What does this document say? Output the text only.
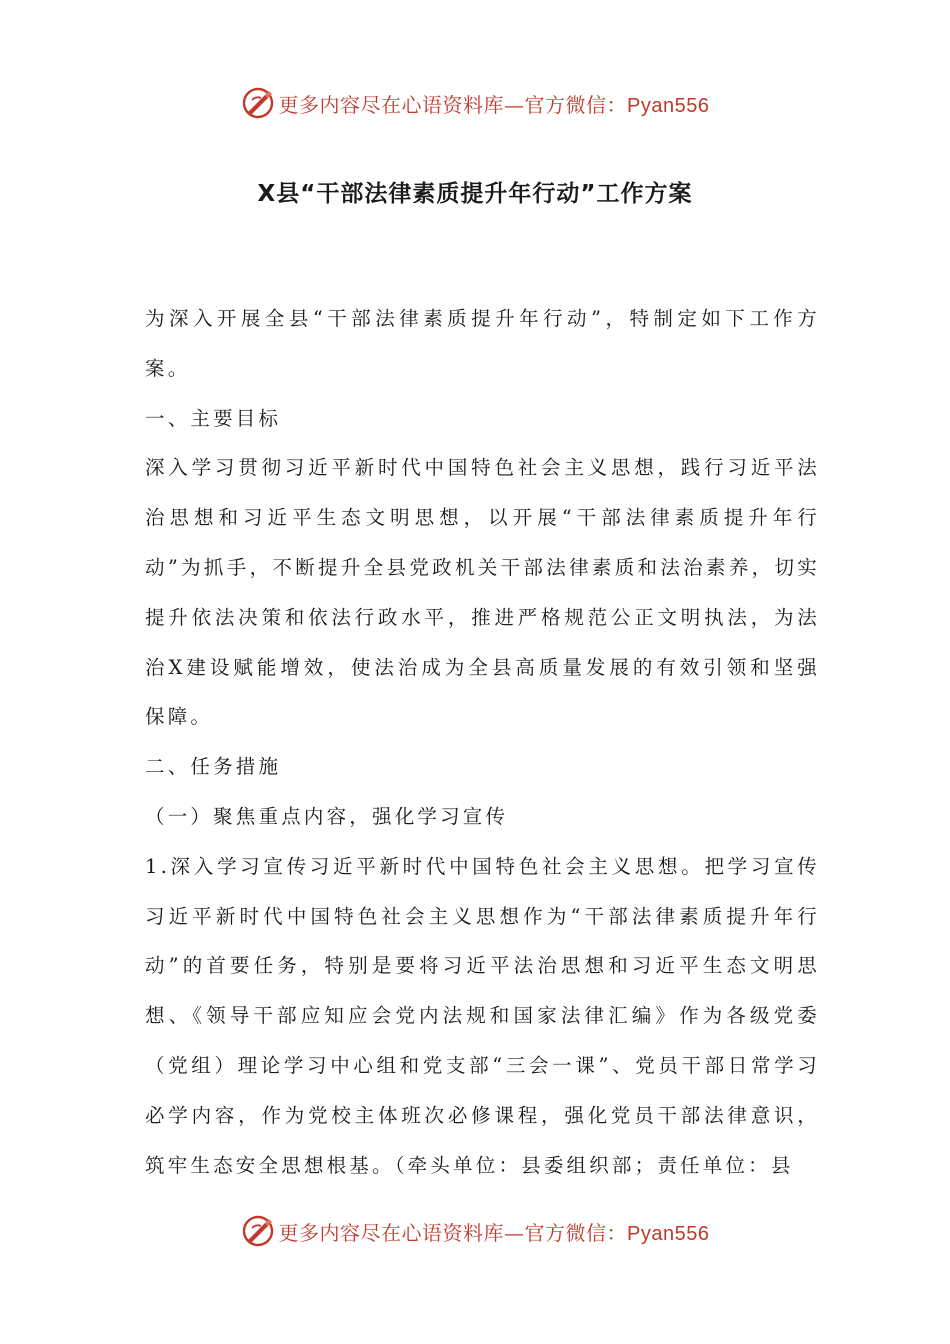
更多内容尽在心语资料库—官方微信：Pyan556
X县“干部法律素质提升年行动”工作方案

为深入开展全县“干部法律素质提升年行动”，特制定如下工作方案。

一、主要目标

深入学习贯彻习近平新时代中国特色社会主义思想，践行习近平法治思想和习近平生态文明思想，以开展“干部法律素质提升年行动”为抓手，不断提升全县党政机关干部法律素质和法治素养，切实提升依法决策和依法行政水平，推进严格规范公正文明执法，为法治X建设赋能增效，使法治成为全县高质量发展的有效引领和坚强保障。

二、任务措施

（一）聚焦重点内容，强化学习宣传

1.深入学习宣传习近平新时代中国特色社会主义思想。把学习宣传习近平新时代中国特色社会主义思想作为“干部法律素质提升年行动”的首要任务，特别是要将习近平法治思想和习近平生态文明思想、《领导干部应知应会党内法规和国家法律汇编》作为各级党委（党组）理论学习中心组和党支部“三会一课”、党员干部日常学习必学内容，作为党校主体班次必修课程，强化党员干部法律意识，筑牢生态安全思想根基。（牵头单位：县委组织部；责任单位：县

更多内容尽在心语资料库—官方微信：Pyan556
